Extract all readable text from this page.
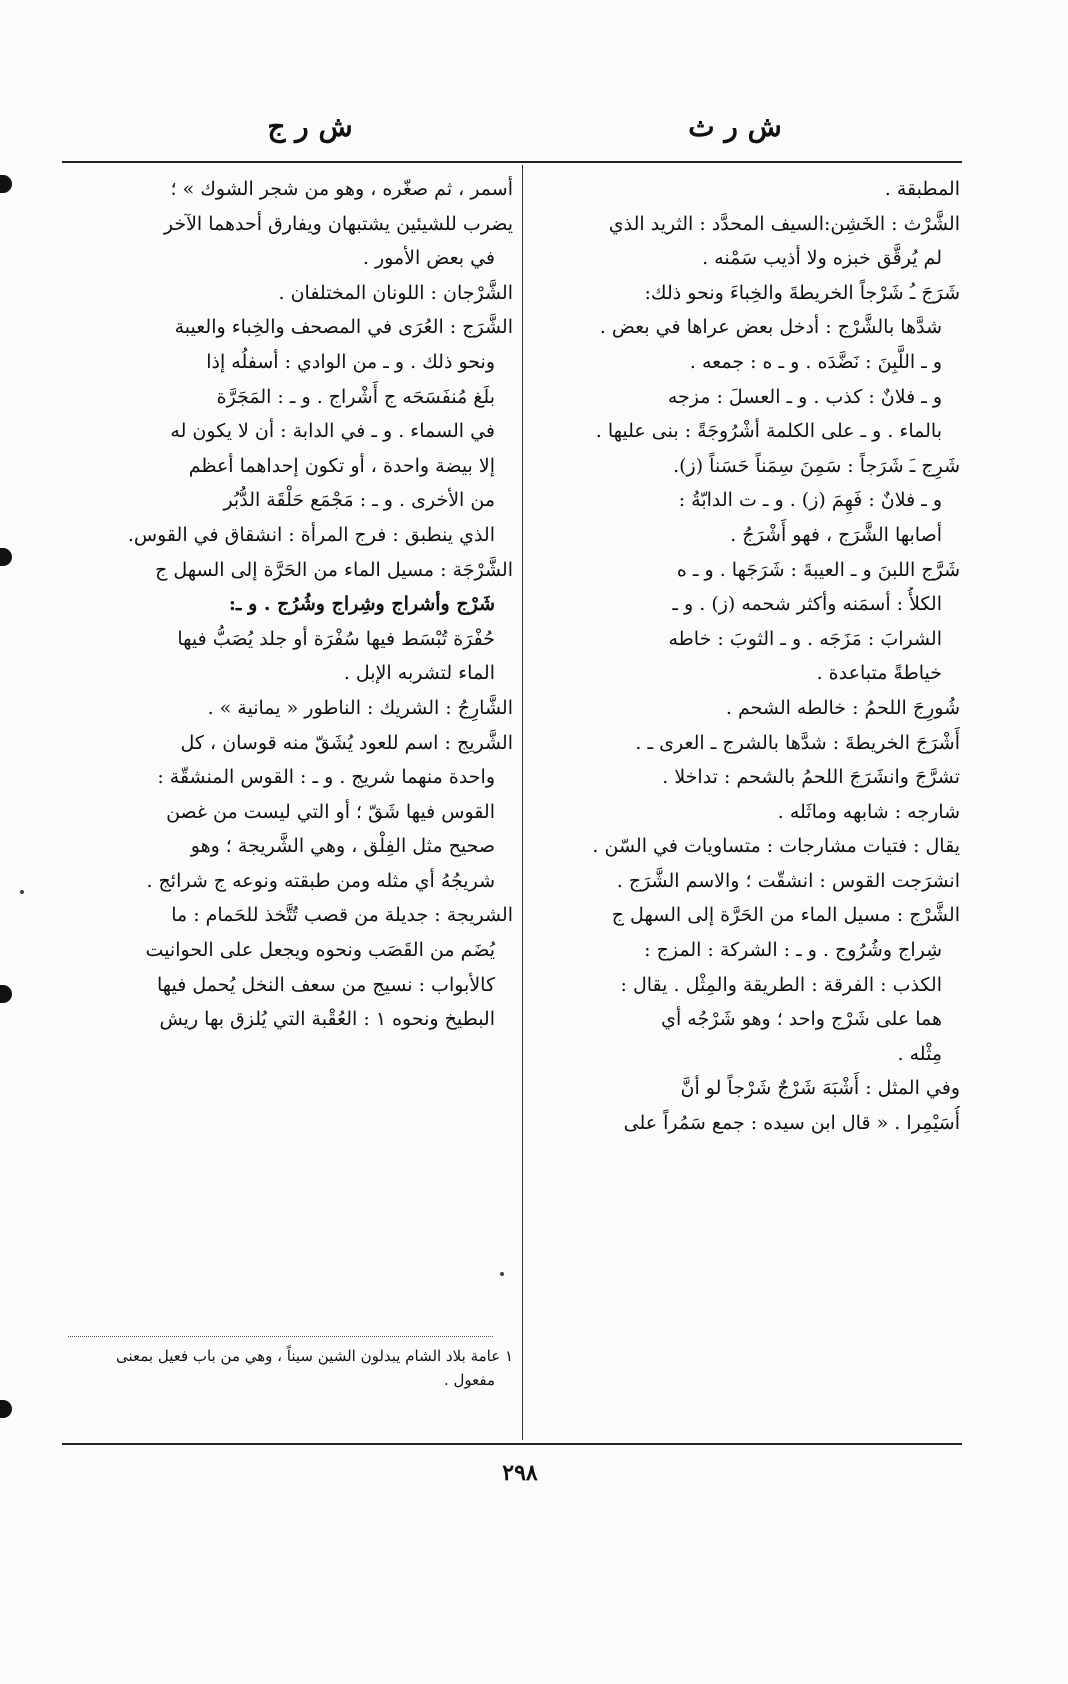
ش ر ث
ش ر ج
المطبقة .
الشَّرْث : الخَشِن:السيف المحدَّد : الثريد الذي
لم يُرقَّق خبزه ولا أذيب سَمْنه .
شَرَجَ ـُ شَرْجاً الخريطةَ والخِباءَ ونحو ذلك:
شدَّها بالشَّرْج : أدخل بعض عراها في بعض .
و ـ اللَّبِنَ : نَضَّدَه . و ـ ه : جمعه .
و ـ فلانٌ : كذب . و ـ العسلَ : مزجه
بالماء . و ـ على الكلمة أشْرُوجَةً : بنى عليها .
شَرِج ـَ شَرَجاً : سَمِنَ سِمَناً حَسَناً (ز).
و ـ فلانٌ : فَهِمَ (ز) . و ـ ت الدابّةُ :
أصابها الشَّرَج ، فهو أَشْرَجُ .
شَرَّج اللبنَ و ـ العيبةَ : شَرَجَها . و ـ ه
الكلأُ : أسمَنه وأكثر شحمه (ز) . و ـ
الشرابَ : مَزَجَه . و ـ الثوبَ : خاطه
خياطةً متباعدة .
شُورِجَ اللحمُ : خالطه الشحم .
أَشْرَجَ الخريطةَ : شدَّها بالشرج ـ العرى ـ .
تشرَّجَ وانشَرَجَ اللحمُ بالشحم : تداخلا .
شارجه : شابهه وماثَله .
يقال : فتيات مشارجات : متساويات في السّن .
انشرَجت القوس : انشقّت ؛ والاسم الشَّرَج .
الشَّرْج : مسيل الماء من الحَرَّة إلى السهل ج
شِراج وشُرُوج . و ـ : الشركة : المزج :
الكذب : الفرقة : الطريقة والمِثْل . يقال :
هما على شَرْج واحد ؛ وهو شَرْجُه أي
مِثْله .
وفي المثل : أَشْبَهَ شَرْجٌ شَرْجاً لو أنَّ
أُسَيْمِرا . « قال ابن سيده : جمع سَمُراً على
أسمر ، ثم صغّره ، وهو من شجر الشوك » ؛
يضرب للشيئين يشتبهان ويفارق أحدهما الآخر
في بعض الأمور .
الشَّرْجان : اللونان المختلفان .
الشَّرَج : العُرَى في المصحف والخِباء والعيبة
ونحو ذلك . و ـ من الوادي : أسفلُه إذا
بلَغ مُنفَسَحَه ج أَشْراج . و ـ : المَجَرَّة
في السماء . و ـ في الدابة : أن لا يكون له
إلا بيضة واحدة ، أو تكون إحداهما أعظم
من الأخرى . و ـ : مَجْمَع حَلْقَة الدُّبُر
الذي ينطبق : فرج المرأة : انشقاق في القوس.
الشَّرْجَة : مسيل الماء من الحَرَّة إلى السهل ج
شَرْج وأشراج وشِراج وشُرُج . و ـ:
حُفْرَة تُبْسَط فيها سُفْرَة أو جلد يُصَبُّ فيها
الماء لتشربه الإبل .
الشَّارِجُ : الشريك : الناطور « يمانية » .
الشَّريج : اسم للعود يُشَقّ منه قوسان ، كل
واحدة منهما شريج . و ـ : القوس المنشقّة :
القوس فيها شَقّ ؛ أو التي ليست من غصن
صحيح مثل الفِلْق ، وهي الشَّريجة ؛ وهو
شريجُهُ أي مثله ومن طبقته ونوعه ج شرائج .
الشريجة : جديلة من قصب تُتَّخذ للحَمام : ما
يُضَم من القَصَب ونحوه ويجعل على الحوانيت
كالأبواب : نسيج من سعف النخل يُحمل فيها
البطيخ ونحوه ١ : العُقْبة التي يُلزق بها ريش
١ عامة بلاد الشام يبدلون الشين سيناً ، وهي من باب فعيل بمعنى
مفعول .
٢٩٨
